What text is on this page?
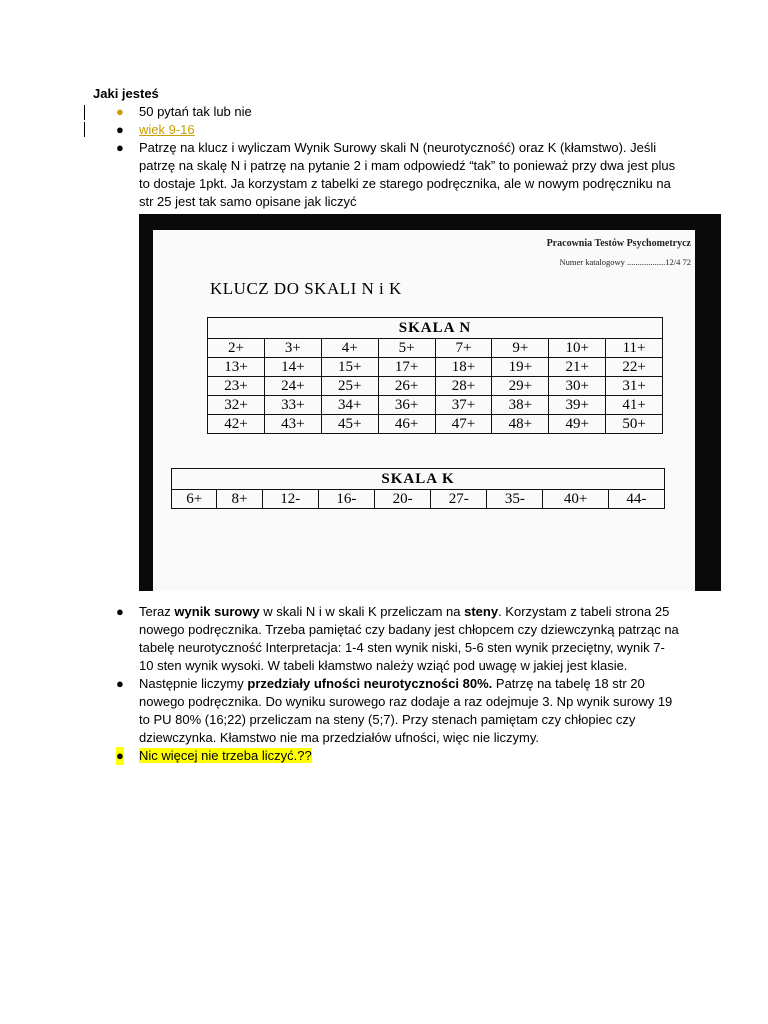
Jaki jesteś
● 50 pytań tak lub nie
● wiek 9-16
● Patrzę na klucz i wyliczam Wynik Surowy skali N (neurotyczność) oraz K (kłamstwo). Jeśli patrzę na skalę N i patrzę na pytanie 2 i mam odpowiedź “tak” to ponieważ przy dwa jest plus to dostaje 1pkt. Ja korzystam z tabelki ze starego podręcznika, ale w nowym podręczniku na str 25 jest tak samo opisane jak liczyć
Pracownia Testów Psychometrycz
Numer katalogowy ..................12/4 72
KLUCZ DO SKALI N i K
SKALA N							
2+	3+	4+	5+	7+	9+	10+	11+
13+	14+	15+	17+	18+	19+	21+	22+
23+	24+	25+	26+	28+	29+	30+	31+
32+	33+	34+	36+	37+	38+	39+	41+
42+	43+	45+	46+	47+	48+	49+	50+
SKALA K
6+	8+	12-	16-	20-	27-	35-	40+	44-
● Teraz wynik surowy w skali N i w skali K przeliczam na steny. Korzystam z tabeli strona 25 nowego podręcznika. Trzeba pamiętać czy badany jest chłopcem czy dziewczynką patrząc na tabelę neurotyczność Interpretacja: 1-4 sten wynik niski, 5-6 sten wynik przeciętny, wynik 7-10 sten wynik wysoki. W tabeli kłamstwo należy wziąć pod uwagę w jakiej jest klasie.
● Następnie liczymy przedziały ufności neurotyczności 80%. Patrzę na tabelę 18 str 20 nowego podręcznika. Do wyniku surowego raz dodaje a raz odejmuje 3. Np wynik surowy 19 to PU 80% (16;22) przeliczam na steny (5;7). Przy stenach pamiętam czy chłopiec czy dziewczynka. Kłamstwo nie ma przedziałów ufności, więc nie liczymy.
● Nic więcej nie trzeba liczyć.??
